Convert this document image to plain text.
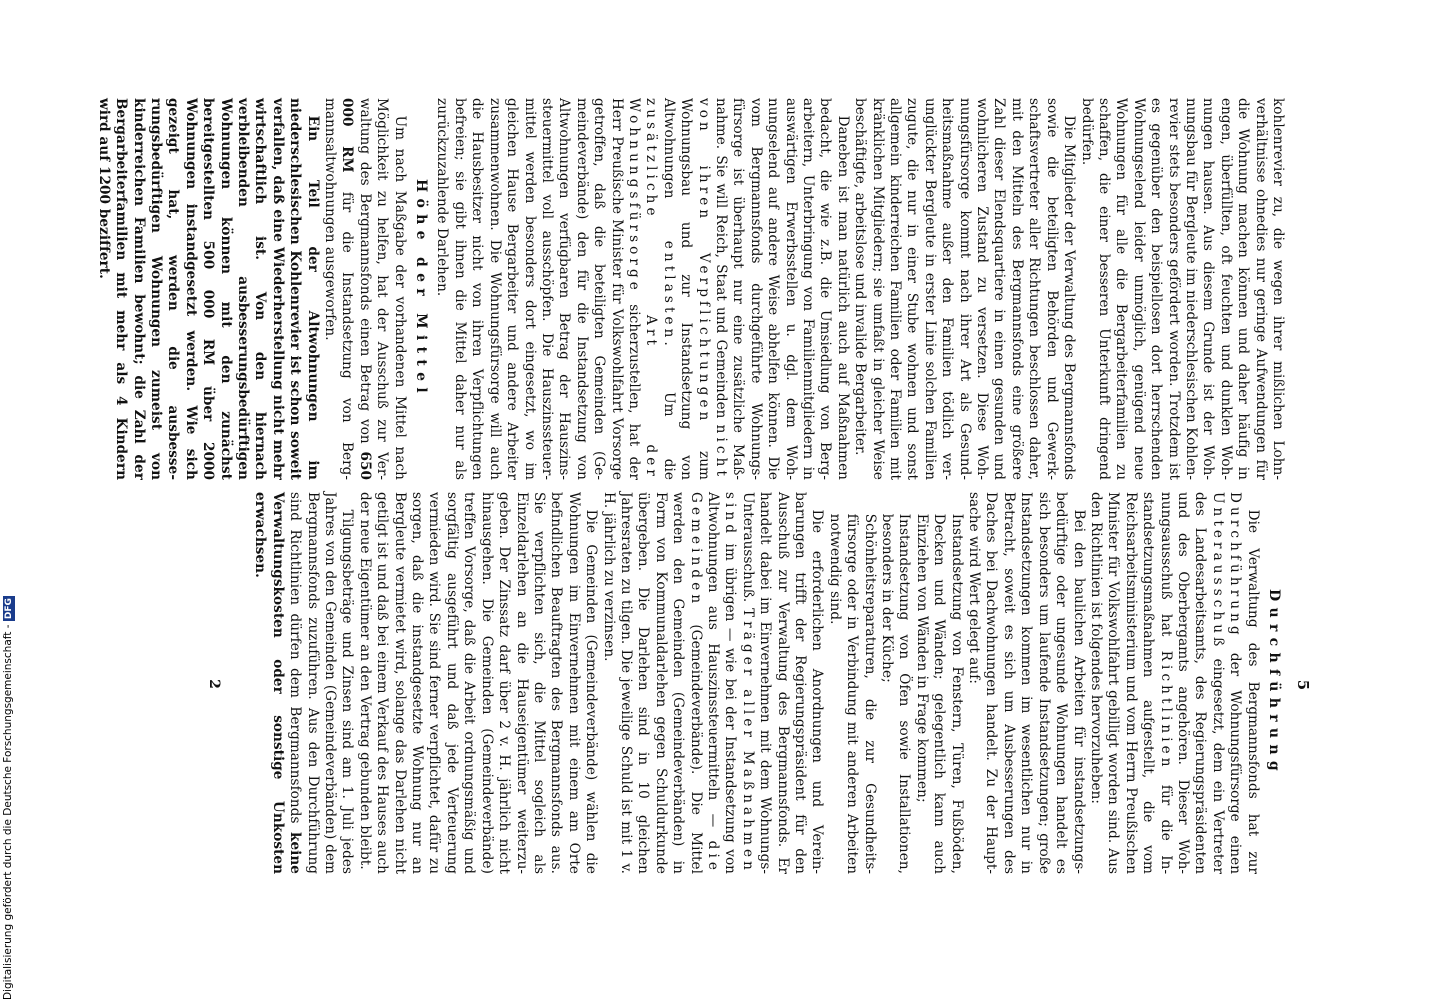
kohlenrevier zu, die wegen ihrer mißlichen Lohnverhältnisse ohnedies nur geringe Aufwendungen für die Wohnung machen können und daher häufig in engen, überfüllten, oft feuchten und dunklen Wohnungen hausen. Aus diesem Grunde ist der Wohnungsbau für Bergleute im niederschlesischen Kohlenrevier stets besonders gefördert worden. Trotzdem ist es gegenüber den beispiellosen dort herrschenden Wohnungselend leider unmöglich, genügend neue Wohnungen für alle die Bergarbeiterfamilien zu schaffen, die einer besseren Unterkunft dringend bedürfen.

Die Mitglieder der Verwaltung des Bergmannsfonds sowie die beteiligten Behörden und Gewerkschaftsvertreter aller Richtungen beschlossen daher, mit den Mitteln des Bergmannsfonds eine größere Zahl dieser Elendsquartiere in einen gesunden und wohnlicheren Zustand zu versetzen. Diese Wohnungsfürsorge kommt nach ihrer Art als Gesundheitsmaßnahme außer den Familien tödlich verunglückter Bergleute in erster Linie solchen Familien zugute, die nur in einer Stube wohnen und sonst allgemein kinderreichen Familien oder Familien mit kränklichen Mitgliedern; sie umfaßt in gleicher Weise beschäftigte, arbeitslose und invalide Bergarbeiter.

Daneben ist man natürlich auch auf Maßnahmen bedacht, die wie z.B. die Umsiedlung von Bergarbeitern, Unterbringung von Familienmitgliedern in auswärtigen Erwerbsstellen u. dgl. dem Wohnungselend auf andere Weise abhelfen können. Die vom Bergmannsfonds durchgeführte Wohnungsfürsorge ist überhaupt nur eine zusätzliche Maßnahme. Sie will Reich, Staat und Gemeinden nicht von ihren Verpflichtungen zum Wohnungsbau und zur Instandsetzung von Altwohnungen entlasten. Um die zusätzliche Art der Wohnungsfürsorge sicherzustellen, hat der Herr Preußische Minister für Volkswohlfahrt Vorsorge getroffen, daß die beteiligten Gemeinden (Gemeindeverbände) den für die Instandsetzung von Altwohnungen verfügbaren Betrag der Hauszinssteuermittel voll ausschöpfen. Die Hauszinssteuermittel werden besonders dort eingesetzt, wo im gleichen Hause Bergarbeiter und andere Arbeiter zusammenwohnen. Die Wohnungsfürsorge will auch die Hausbesitzer nicht von ihren Verpflichtungen befreien; sie gibt ihnen die Mittel daher nur als zurückzuzahlende Darlehen.

Höhe der Mittel

Um nach Maßgabe der vorhandenen Mittel nach Möglichkeit zu helfen, hat der Ausschuß zur Verwaltung des Bergmannsfonds einen Betrag von 650 000 RM für die Instandsetzung von Bergmannsaltwohnungen ausgeworfen.

Ein Teil der Altwohnungen im niederschlesischen Kohlenrevier ist schon soweit verfallen, daß eine Wiederherstellung nicht mehr wirtschaftlich ist. Von den hiernach verbleibenden ausbesserungsbedürftigen Wohnungen können mit den zunächst bereitgestellten 500 000 RM über 2000 Wohnungen instandgesetzt werden. Wie sich gezeigt hat, werden die ausbesserungsbedürftigen Wohnungen zumeist von kinderreichen Familien bewohnt; die Zahl der Bergarbeiterfamilien mit mehr als 4 Kindern wird auf 1200 beziffert.

5
Durchführung

Die Verwaltung des Bergmannsfonds hat zur Durchführung der Wohnungsfürsorge einen Unterausschuß eingesetzt, dem ein Vertreter des Landesarbeitsamts, des Regierungspräsidenten und des Oberbergamts angehören. Dieser Wohnungsausschuß hat Richtlinien für die Instandsetzungsmaßnahmen aufgestellt, die vom Reichsarbeitsministerium und vom Herrn Preußischen Minister für Volkswohlfahrt gebilligt worden sind. Aus den Richtlinien ist folgendes hervorzuheben:

Bei den baulichen Arbeiten für instandsetzungsbedürftige oder ungesunde Wohnungen handelt es sich besonders um laufende Instandsetzungen; große Instandsetzungen kommen im wesentlichen nur in Betracht, soweit es sich um Ausbesserungen des Daches bei Dachwohnungen handelt. Zu der Hauptsache wird Wert gelegt auf:

Instandsetzung von Fenstern, Türen, Fußböden, Decken und Wänden; gelegentlich kann auch Einziehen von Wänden in Frage kommen;

Instandsetzung von Öfen sowie Installationen, besonders in der Küche;

Schönheitsreparaturen, die zur Gesundheitsfürsorge oder in Verbindung mit anderen Arbeiten notwendig sind.

Die erforderlichen Anordnungen und Vereinbarungen trifft der Regierungspräsident für den Ausschuß zur Verwaltung des Bergmannsfonds. Er handelt dabei im Einvernehmen mit dem Wohnungs-Unterausschuß. Träger aller Maßnahmen sind im übrigen — wie bei der Instandsetzung von Altwohnungen aus Hauszinssteuermitteln — die Gemeinden (Gemeindeverbände). Die Mittel werden den Gemeinden (Gemeindeverbänden) in Form von Kommunaldarlehen gegen Schuldurkunde übergeben. Die Darlehen sind in 10 gleichen Jahresraten zu tilgen. Die jeweilige Schuld ist mit 1 v. H. jährlich zu verzinsen.

Die Gemeinden (Gemeindeverbände) wählen die Wohnungen im Einvernehmen mit einem am Orte befindlichen Beauftragten des Bergmannsfonds aus. Sie verpflichten sich, die Mittel sogleich als Einzeldarlehen an die Hauseigentümer weiterzugeben. Der Zinssatz darf über 2 v. H. jährlich nicht hinausgehen. Die Gemeinden (Gemeindeverbände) treffen Vorsorge, daß die Arbeit ordnungsmäßig und sorgfältig ausgeführt und daß jede Verteuerung vermieden wird. Sie sind ferner verpflichtet, dafür zu sorgen, daß die instandgesetzte Wohnung nur an Bergleute vermietet wird, solange das Darlehen nicht getilgt ist und daß bei einem Verkauf des Hauses auch der neue Eigentümer an den Vertrag gebunden bleibt.

Tilgungsbeträge und Zinsen sind am 1. Juli jedes Jahres von den Gemeinden (Gemeindeverbänden) dem Bergmannsfonds zuzuführen. Aus den Durchführung sind Richtlinien dürfen dem Bergmannsfonds keine Verwaltungskosten oder sonstige Unkosten erwachsen.

2
Digitalisierung gefördert durch die Deutsche Forschungsgemeinschaft - DFG
